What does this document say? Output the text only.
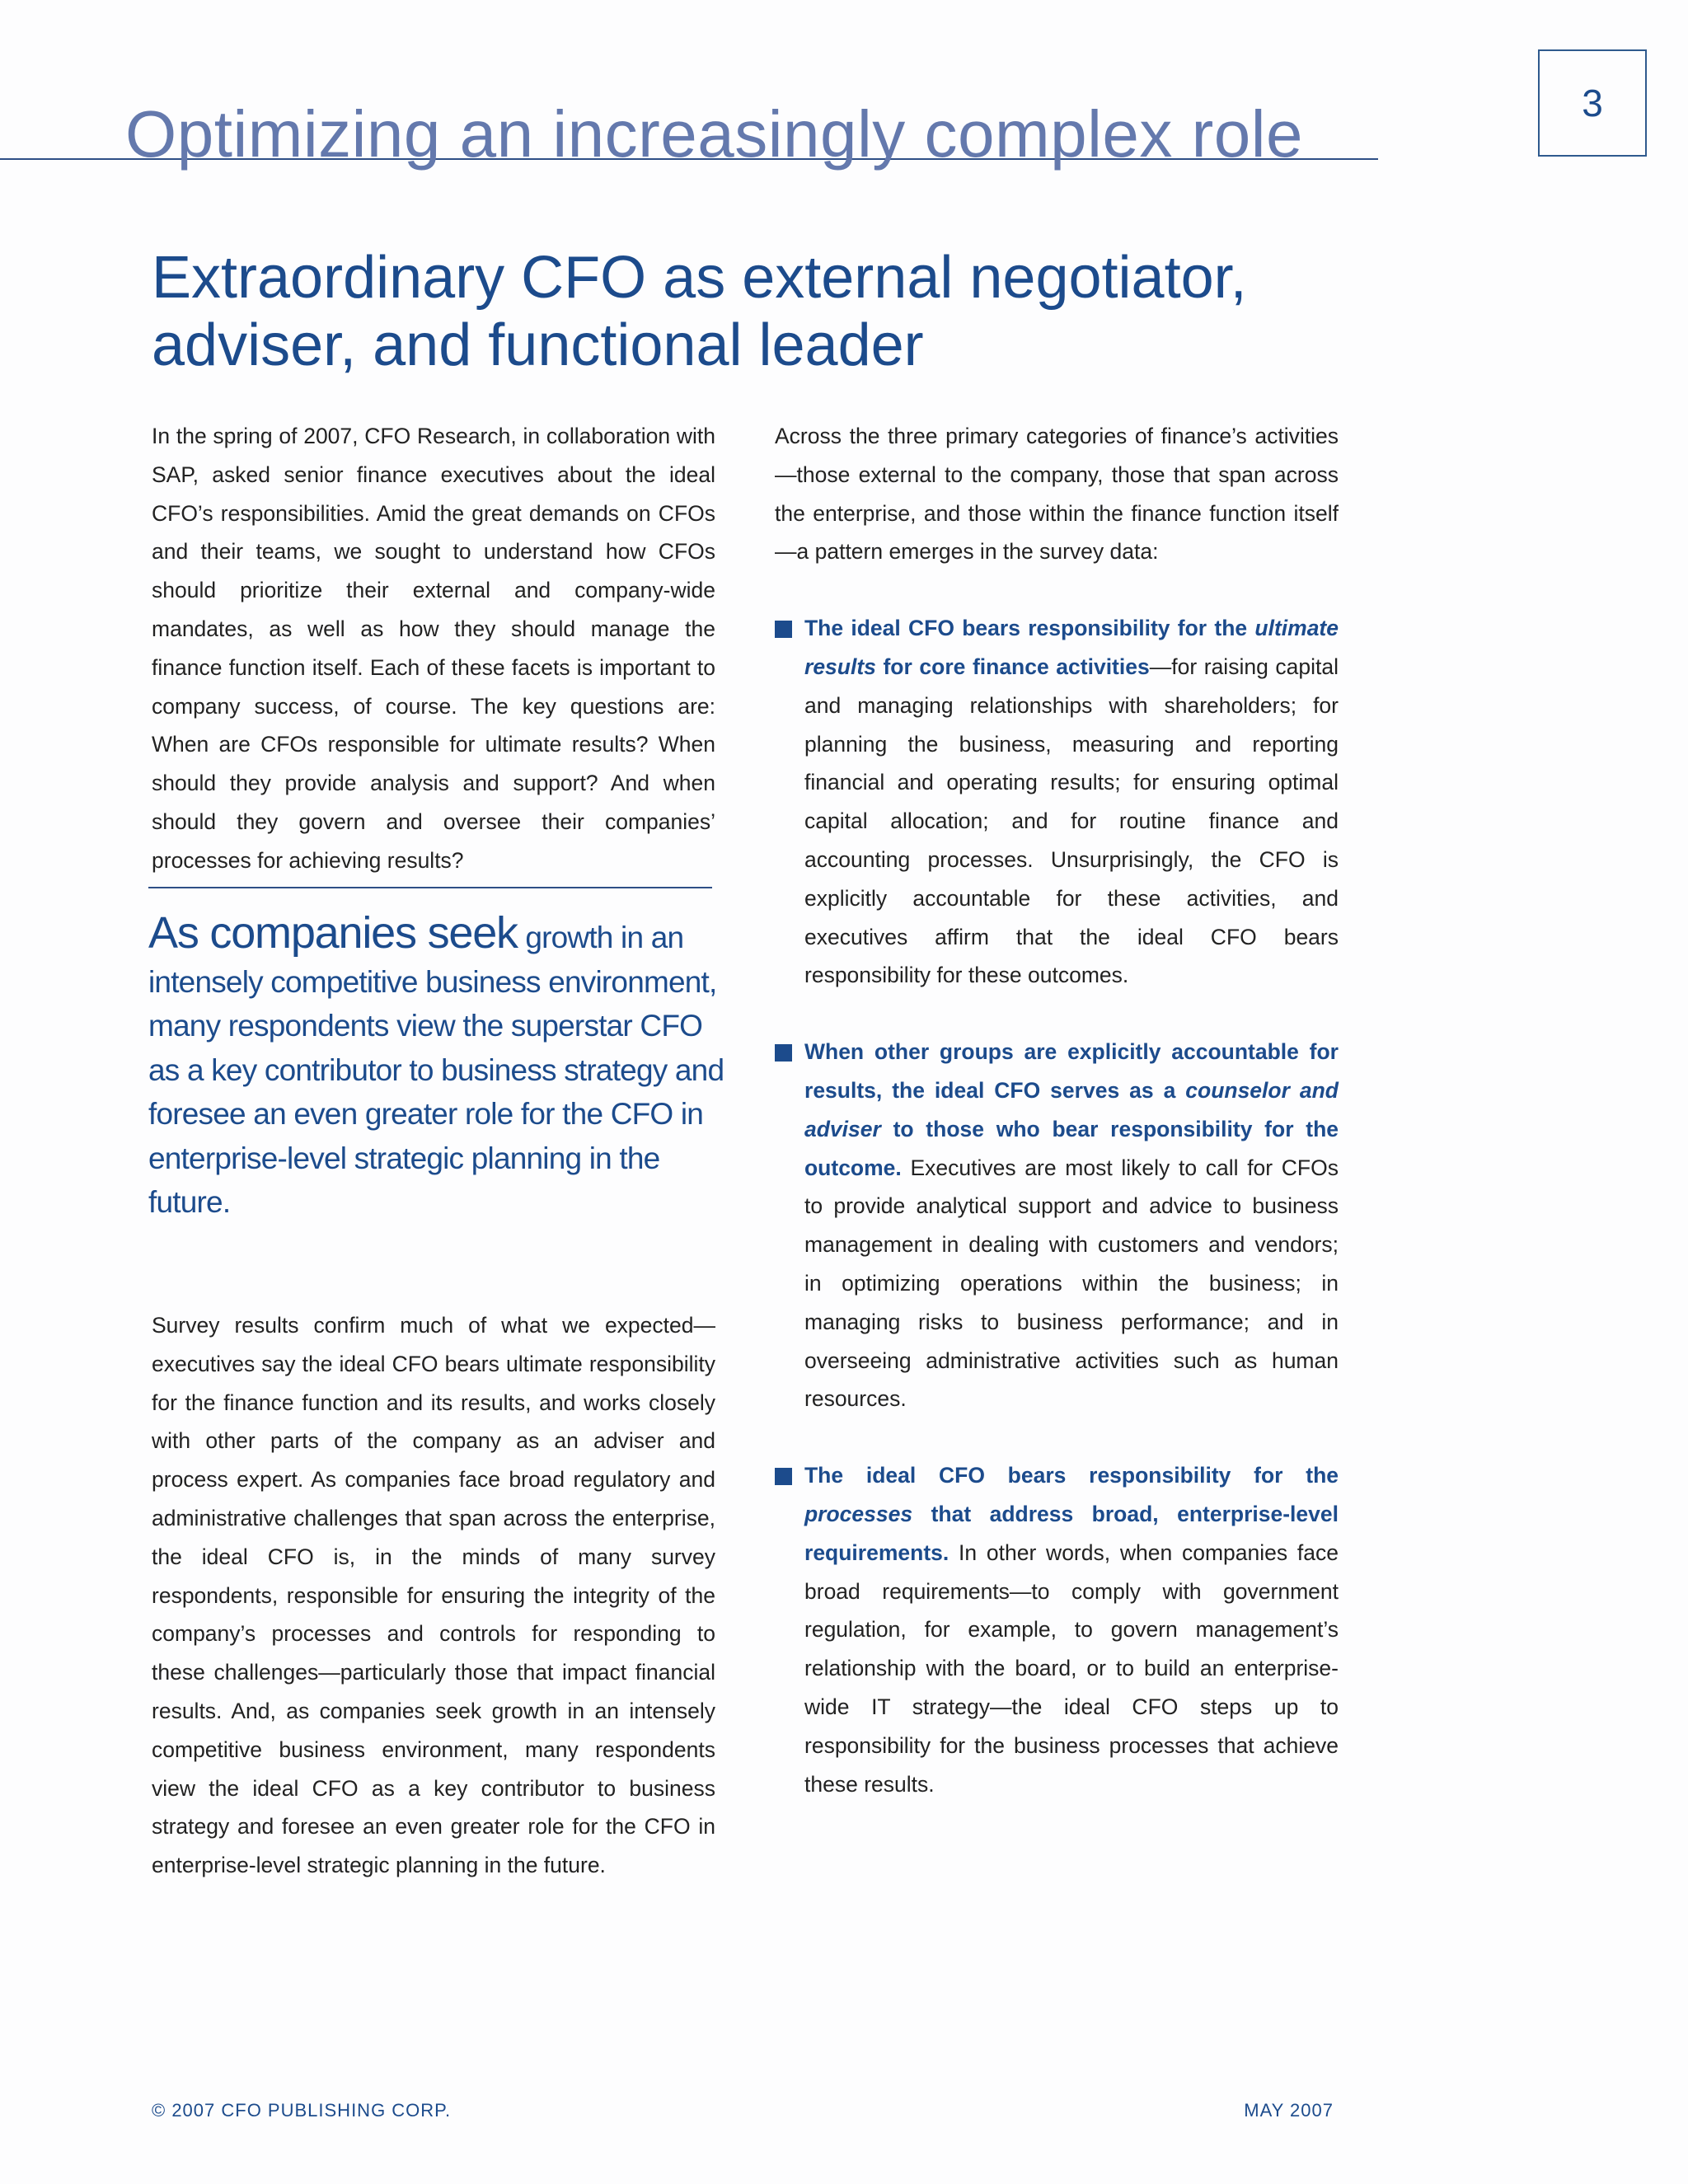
Optimizing an increasingly complex role	3
Extraordinary CFO as external negotiator, adviser, and functional leader

In the spring of 2007, CFO Research, in collaboration with SAP, asked senior finance executives about the ideal CFO’s responsibilities. Amid the great demands on CFOs and their teams, we sought to understand how CFOs should prioritize their external and company-wide mandates, as well as how they should manage the finance function itself. Each of these facets is important to company success, of course. The key questions are: When are CFOs responsible for ultimate results? When should they provide analysis and support? And when should they govern and oversee their companies’ processes for achieving results?

As companies seek growth in an intensely competitive business environment, many respondents view the superstar CFO as a key contributor to business strategy and foresee an even greater role for the CFO in enterprise-level strategic planning in the future.

Survey results confirm much of what we expected—executives say the ideal CFO bears ultimate responsibility for the finance function and its results, and works closely with other parts of the company as an adviser and process expert. As companies face broad regulatory and administrative challenges that span across the enterprise, the ideal CFO is, in the minds of many survey respondents, responsible for ensuring the integrity of the company’s processes and controls for responding to these challenges—particularly those that impact financial results. And, as companies seek growth in an intensely competitive business environment, many respondents view the ideal CFO as a key contributor to business strategy and foresee an even greater role for the CFO in enterprise-level strategic planning in the future.

Across the three primary categories of finance’s activities —those external to the company, those that span across the enterprise, and those within the finance function itself—a pattern emerges in the survey data:

The ideal CFO bears responsibility for the ultimate results for core finance activities—for raising capital and managing relationships with shareholders; for planning the business, measuring and reporting financial and operating results; for ensuring optimal capital allocation; and for routine finance and accounting processes. Unsurprisingly, the CFO is explicitly accountable for these activities, and executives affirm that the ideal CFO bears responsibility for these outcomes.

When other groups are explicitly accountable for results, the ideal CFO serves as a counselor and adviser to those who bear responsibility for the outcome. Executives are most likely to call for CFOs to provide analytical support and advice to business management in dealing with customers and vendors; in optimizing operations within the business; in managing risks to business performance; and in overseeing administrative activities such as human resources.

The ideal CFO bears responsibility for the processes that address broad, enterprise-level requirements. In other words, when companies face broad requirements—to comply with government regulation, for example, to govern management’s relationship with the board, or to build an enterprise-wide IT strategy—the ideal CFO steps up to responsibility for the business processes that achieve these results.

© 2007 CFO PUBLISHING CORP.	MAY 2007
